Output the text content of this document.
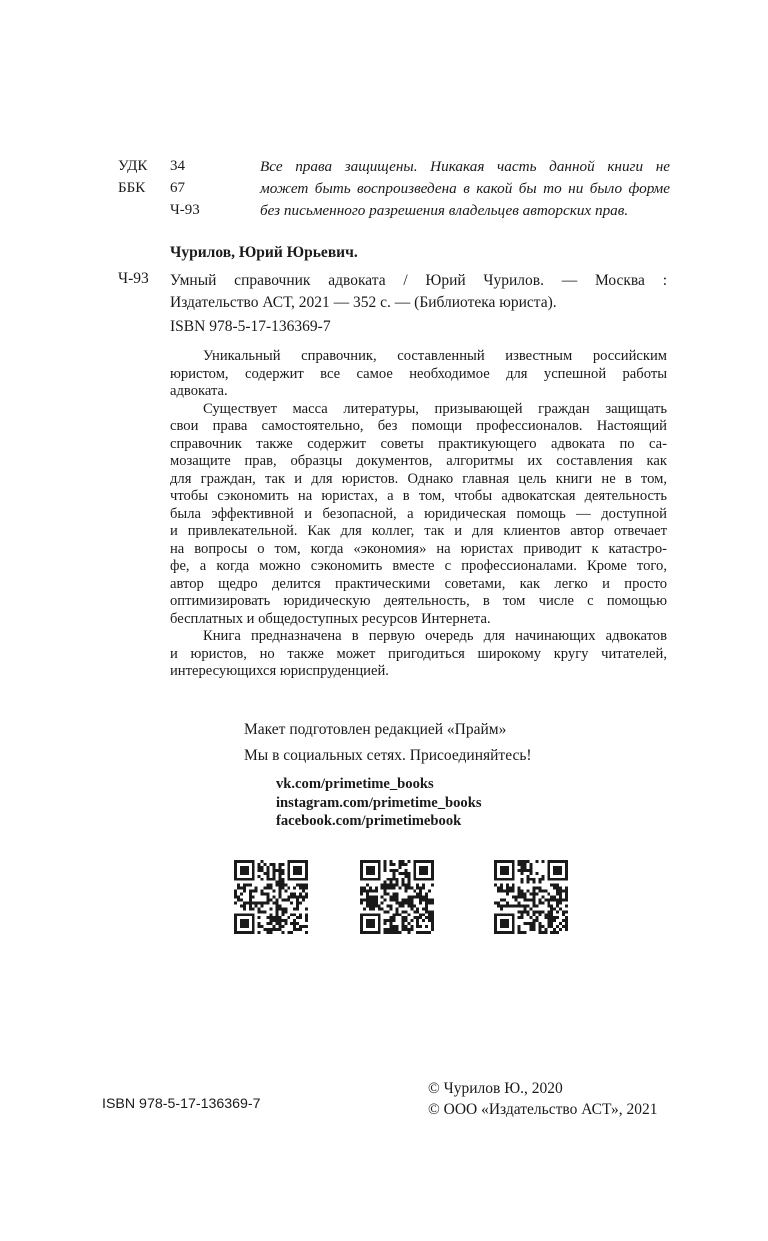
УДК 34
ББК 67
Ч-93
Все права защищены. Никакая часть данной книги не
может быть воспроизведена в какой бы то ни было форме
без письменного разрешения владельцев авторских прав.
Чурилов, Юрий Юрьевич.
Ч-93 Умный справочник адвоката / Юрий Чурилов. — Москва :
Издательство АСТ, 2021 — 352 с. — (Библиотека юриста).
ISBN 978-5-17-136369-7

Уникальный справочник, составленный известным российским
юристом, содержит все самое необходимое для успешной работы
адвоката.

Существует масса литературы, призывающей граждан защищать
свои права самостоятельно, без помощи профессионалов. Настоящий
справочник также содержит советы практикующего адвоката по са-
мозащите прав, образцы документов, алгоритмы их составления как
для граждан, так и для юристов. Однако главная цель книги не в том,
чтобы сэкономить на юристах, а в том, чтобы адвокатская деятельность
была эффективной и безопасной, а юридическая помощь — доступной
и привлекательной. Как для коллег, так и для клиентов автор отвечает
на вопросы о том, когда «экономия» на юристах приводит к катастро-
фе, а когда можно сэкономить вместе с профессионалами. Кроме того,
автор щедро делится практическими советами, как легко и просто
оптимизировать юридическую деятельность, в том числе с помощью
бесплатных и общедоступных ресурсов Интернета.

Книга предназначена в первую очередь для начинающих адвокатов
и юристов, но также может пригодиться широкому кругу читателей,
интересующихся юриспруденцией.

Макет подготовлен редакцией «Прайм»
Мы в социальных сетях. Присоединяйтесь!
vk.com/primetime_books
instagram.com/primetime_books
facebook.com/primetimebook
ISBN 978-5-17-136369-7
© Чурилов Ю., 2020
© ООО «Издательство АСТ», 2021
